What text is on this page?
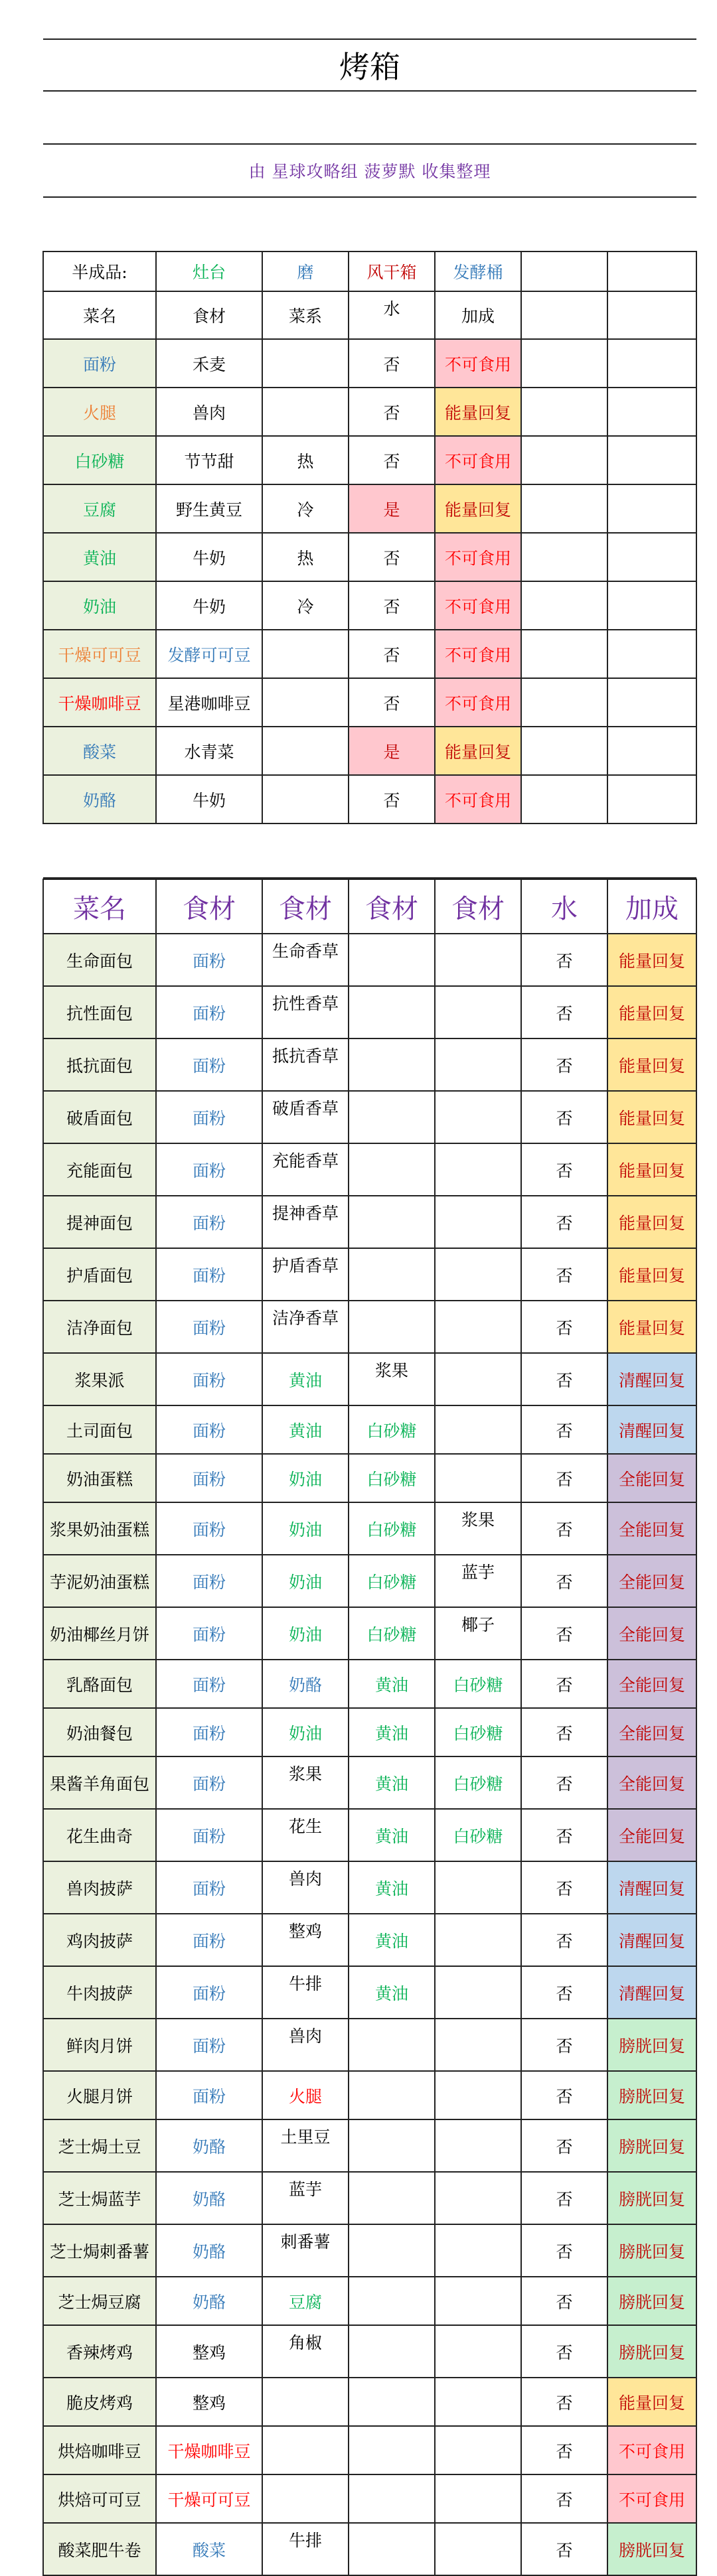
烤箱						

由 星球攻略组 菠萝默 收集整理						

半成品:	灶台	磨	风干箱	发酵桶		
菜名	食材	菜系	水	加成		
面粉	禾麦		否	不可食用		
火腿	兽肉		否	能量回复		
白砂糖	节节甜	热	否	不可食用		
豆腐	野生黄豆	冷	是	能量回复		
黄油	牛奶	热	否	不可食用		
奶油	牛奶	冷	否	不可食用		
干燥可可豆	发酵可可豆		否	不可食用		
干燥咖啡豆	星港咖啡豆		否	不可食用		
酸菜	水青菜		是	能量回复		
奶酪	牛奶		否	不可食用		

菜名	食材	食材	食材	食材	水	加成
生命面包	面粉	生命香草			否	能量回复
抗性面包	面粉	抗性香草			否	能量回复
抵抗面包	面粉	抵抗香草			否	能量回复
破盾面包	面粉	破盾香草			否	能量回复
充能面包	面粉	充能香草			否	能量回复
提神面包	面粉	提神香草			否	能量回复
护盾面包	面粉	护盾香草			否	能量回复
洁净面包	面粉	洁净香草			否	能量回复
浆果派	面粉	黄油	浆果		否	清醒回复
土司面包	面粉	黄油	白砂糖		否	清醒回复
奶油蛋糕	面粉	奶油	白砂糖		否	全能回复
浆果奶油蛋糕	面粉	奶油	白砂糖	浆果	否	全能回复
芋泥奶油蛋糕	面粉	奶油	白砂糖	蓝芋	否	全能回复
奶油椰丝月饼	面粉	奶油	白砂糖	椰子	否	全能回复
乳酪面包	面粉	奶酪	黄油	白砂糖	否	全能回复
奶油餐包	面粉	奶油	黄油	白砂糖	否	全能回复
果酱羊角面包	面粉	浆果	黄油	白砂糖	否	全能回复
花生曲奇	面粉	花生	黄油	白砂糖	否	全能回复
兽肉披萨	面粉	兽肉	黄油		否	清醒回复
鸡肉披萨	面粉	整鸡	黄油		否	清醒回复
牛肉披萨	面粉	牛排	黄油		否	清醒回复
鲜肉月饼	面粉	兽肉			否	膀胱回复
火腿月饼	面粉	火腿			否	膀胱回复
芝士焗土豆	奶酪	土里豆			否	膀胱回复
芝士焗蓝芋	奶酪	蓝芋			否	膀胱回复
芝士焗刺番薯	奶酪	刺番薯			否	膀胱回复
芝士焗豆腐	奶酪	豆腐			否	膀胱回复
香辣烤鸡	整鸡	角椒			否	膀胱回复
脆皮烤鸡	整鸡				否	能量回复
烘焙咖啡豆	干燥咖啡豆				否	不可食用
烘焙可可豆	干燥可可豆				否	不可食用
酸菜肥牛卷	酸菜	牛排			否	膀胱回复
